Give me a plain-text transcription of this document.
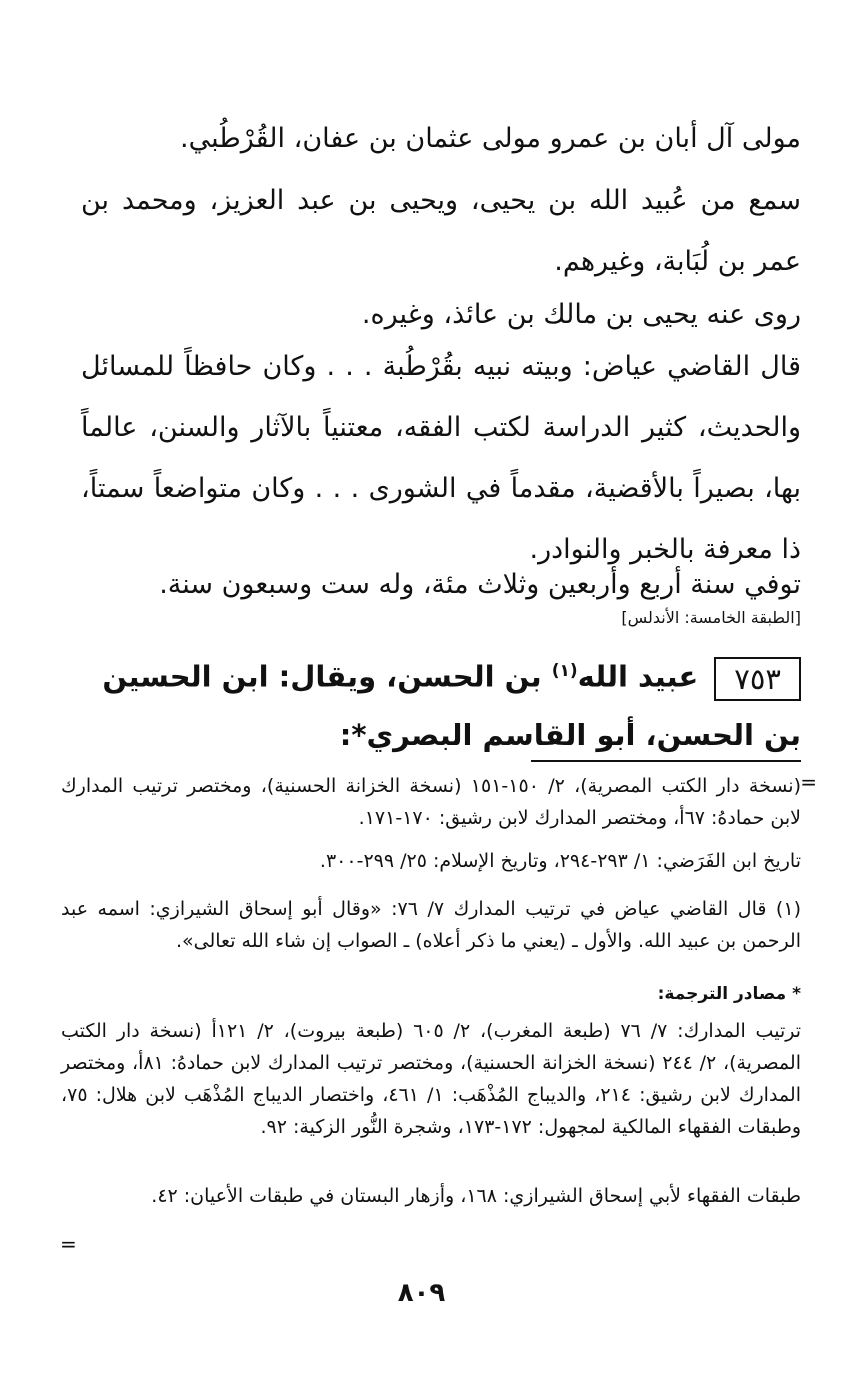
مولى آل أبان بن عمرو مولى عثمان بن عفان، القُرْطُبي.
سمع من عُبيد الله بن يحيى، ويحيى بن عبد العزيز، ومحمد بن عمر بن لُبَابة، وغيرهم.
روى عنه يحيى بن مالك بن عائذ، وغيره.
قال القاضي عياض: وبيته نبيه بقُرْطُبة . . . وكان حافظاً للمسائل والحديث، كثير الدراسة لكتب الفقه، معتنياً بالآثار والسنن، عالماً بها، بصيراً بالأقضية، مقدماً في الشورى . . . وكان متواضعاً سمتاً، ذا معرفة بالخبر والنوادر.
توفي سنة أربع وأربعين وثلاث مئة، وله ست وسبعون سنة.
[الطبقة الخامسة: الأندلس]
٧٥٣عبيد الله$^{(١)}$ بن الحسن، ويقال: ابن الحسين بن الحسن، أبو القاسم البصري*:
=
(نسخة دار الكتب المصرية)، ٢/ ١٥٠-١٥١ (نسخة الخزانة الحسنية)، ومختصر ترتيب المدارك لابن حمادهُ: ٦٧أ، ومختصر المدارك لابن رشيق: ١٧٠-١٧١.
تاريخ ابن الفَرَضي: ١/ ٢٩٣-٢٩٤، وتاريخ الإسلام: ٢٥/ ٢٩٩-٣٠٠.
(١) قال القاضي عياض في ترتيب المدارك ٧/ ٧٦: «وقال أبو إسحاق الشيرازي: اسمه عبد الرحمن بن عبيد الله. والأول ـ (يعني ما ذكر أعلاه) ـ الصواب إن شاء الله تعالى».
* مصادر الترجمة:
ترتيب المدارك: ٧/ ٧٦ (طبعة المغرب)، ٢/ ٦٠٥ (طبعة بيروت)، ٢/ ١٢١أ (نسخة دار الكتب المصرية)، ٢/ ٢٤٤ (نسخة الخزانة الحسنية)، ومختصر ترتيب المدارك لابن حمادهُ: ٨١أ، ومختصر المدارك لابن رشيق: ٢١٤، والديباج المُذْهَب: ١/ ٤٦١، واختصار الديباج المُذْهَب لابن هلال: ٧٥، وطبقات الفقهاء المالكية لمجهول: ١٧٢-١٧٣، وشجرة النُّور الزكية: ٩٢.
طبقات الفقهاء لأبي إسحاق الشيرازي: ١٦٨، وأزهار البستان في طبقات الأعيان: ٤٢.
=
٨٠٩
